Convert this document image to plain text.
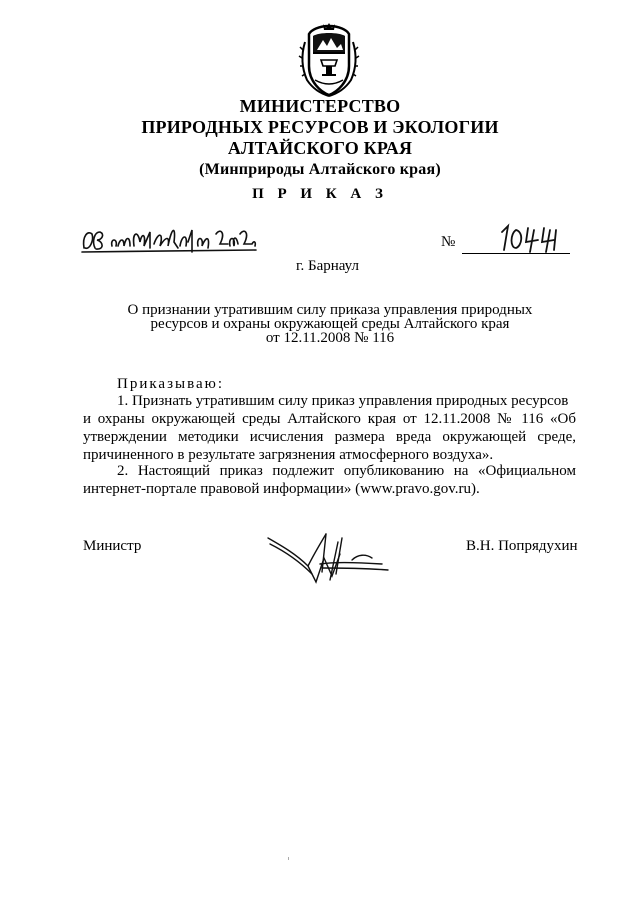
МИНИСТЕРСТВО
ПРИРОДНЫХ РЕСУРСОВ И ЭКОЛОГИИ
АЛТАЙСКОГО КРАЯ
(Минприроды Алтайского края)
П Р И К А З
№
г. Барнаул
О признании утратившим силу приказа управления природных
ресурсов и охраны окружающей среды Алтайского края
от 12.11.2008 № 116
Приказываю:
1. Признать утратившим силу приказ управления природных ресурсов
и охраны окружающей среды Алтайского края от 12.11.2008 № 116 «Об утверждении методики исчисления размера вреда окружающей среде, причиненного в результате загрязнения атмосферного воздуха».
2. Настоящий приказ подлежит опубликованию на «Официальном интернет-портале правовой информации» (www.pravo.gov.ru).
Министр	В.Н. Попрядухин
